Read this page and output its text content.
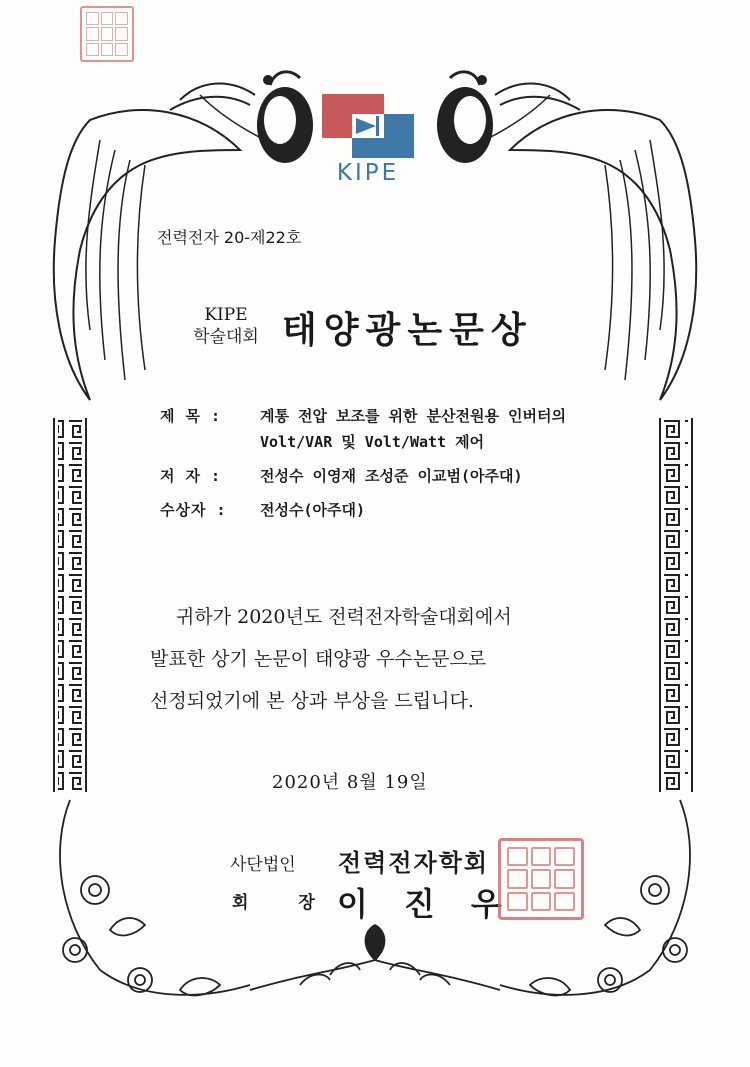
KIPE
전력전자 20-제22호
KIPE
학술대회 태양광논문상
제 목 :	계통 전압 보조를 위한 분산전원용 인버터의 Volt/VAR 및 Volt/Watt 제어
저 자 :	전성수 이영재 조성준 이교범(아주대)
수상자 :	전성수(아주대)
귀하가 2020년도 전력전자학술대회에서
발표한 상기 논문이 태양광 우수논문으로
선정되었기에 본 상과 부상을 드립니다.
2020년 8월 19일
사단법인 전력전자학회
회 장 이진우
